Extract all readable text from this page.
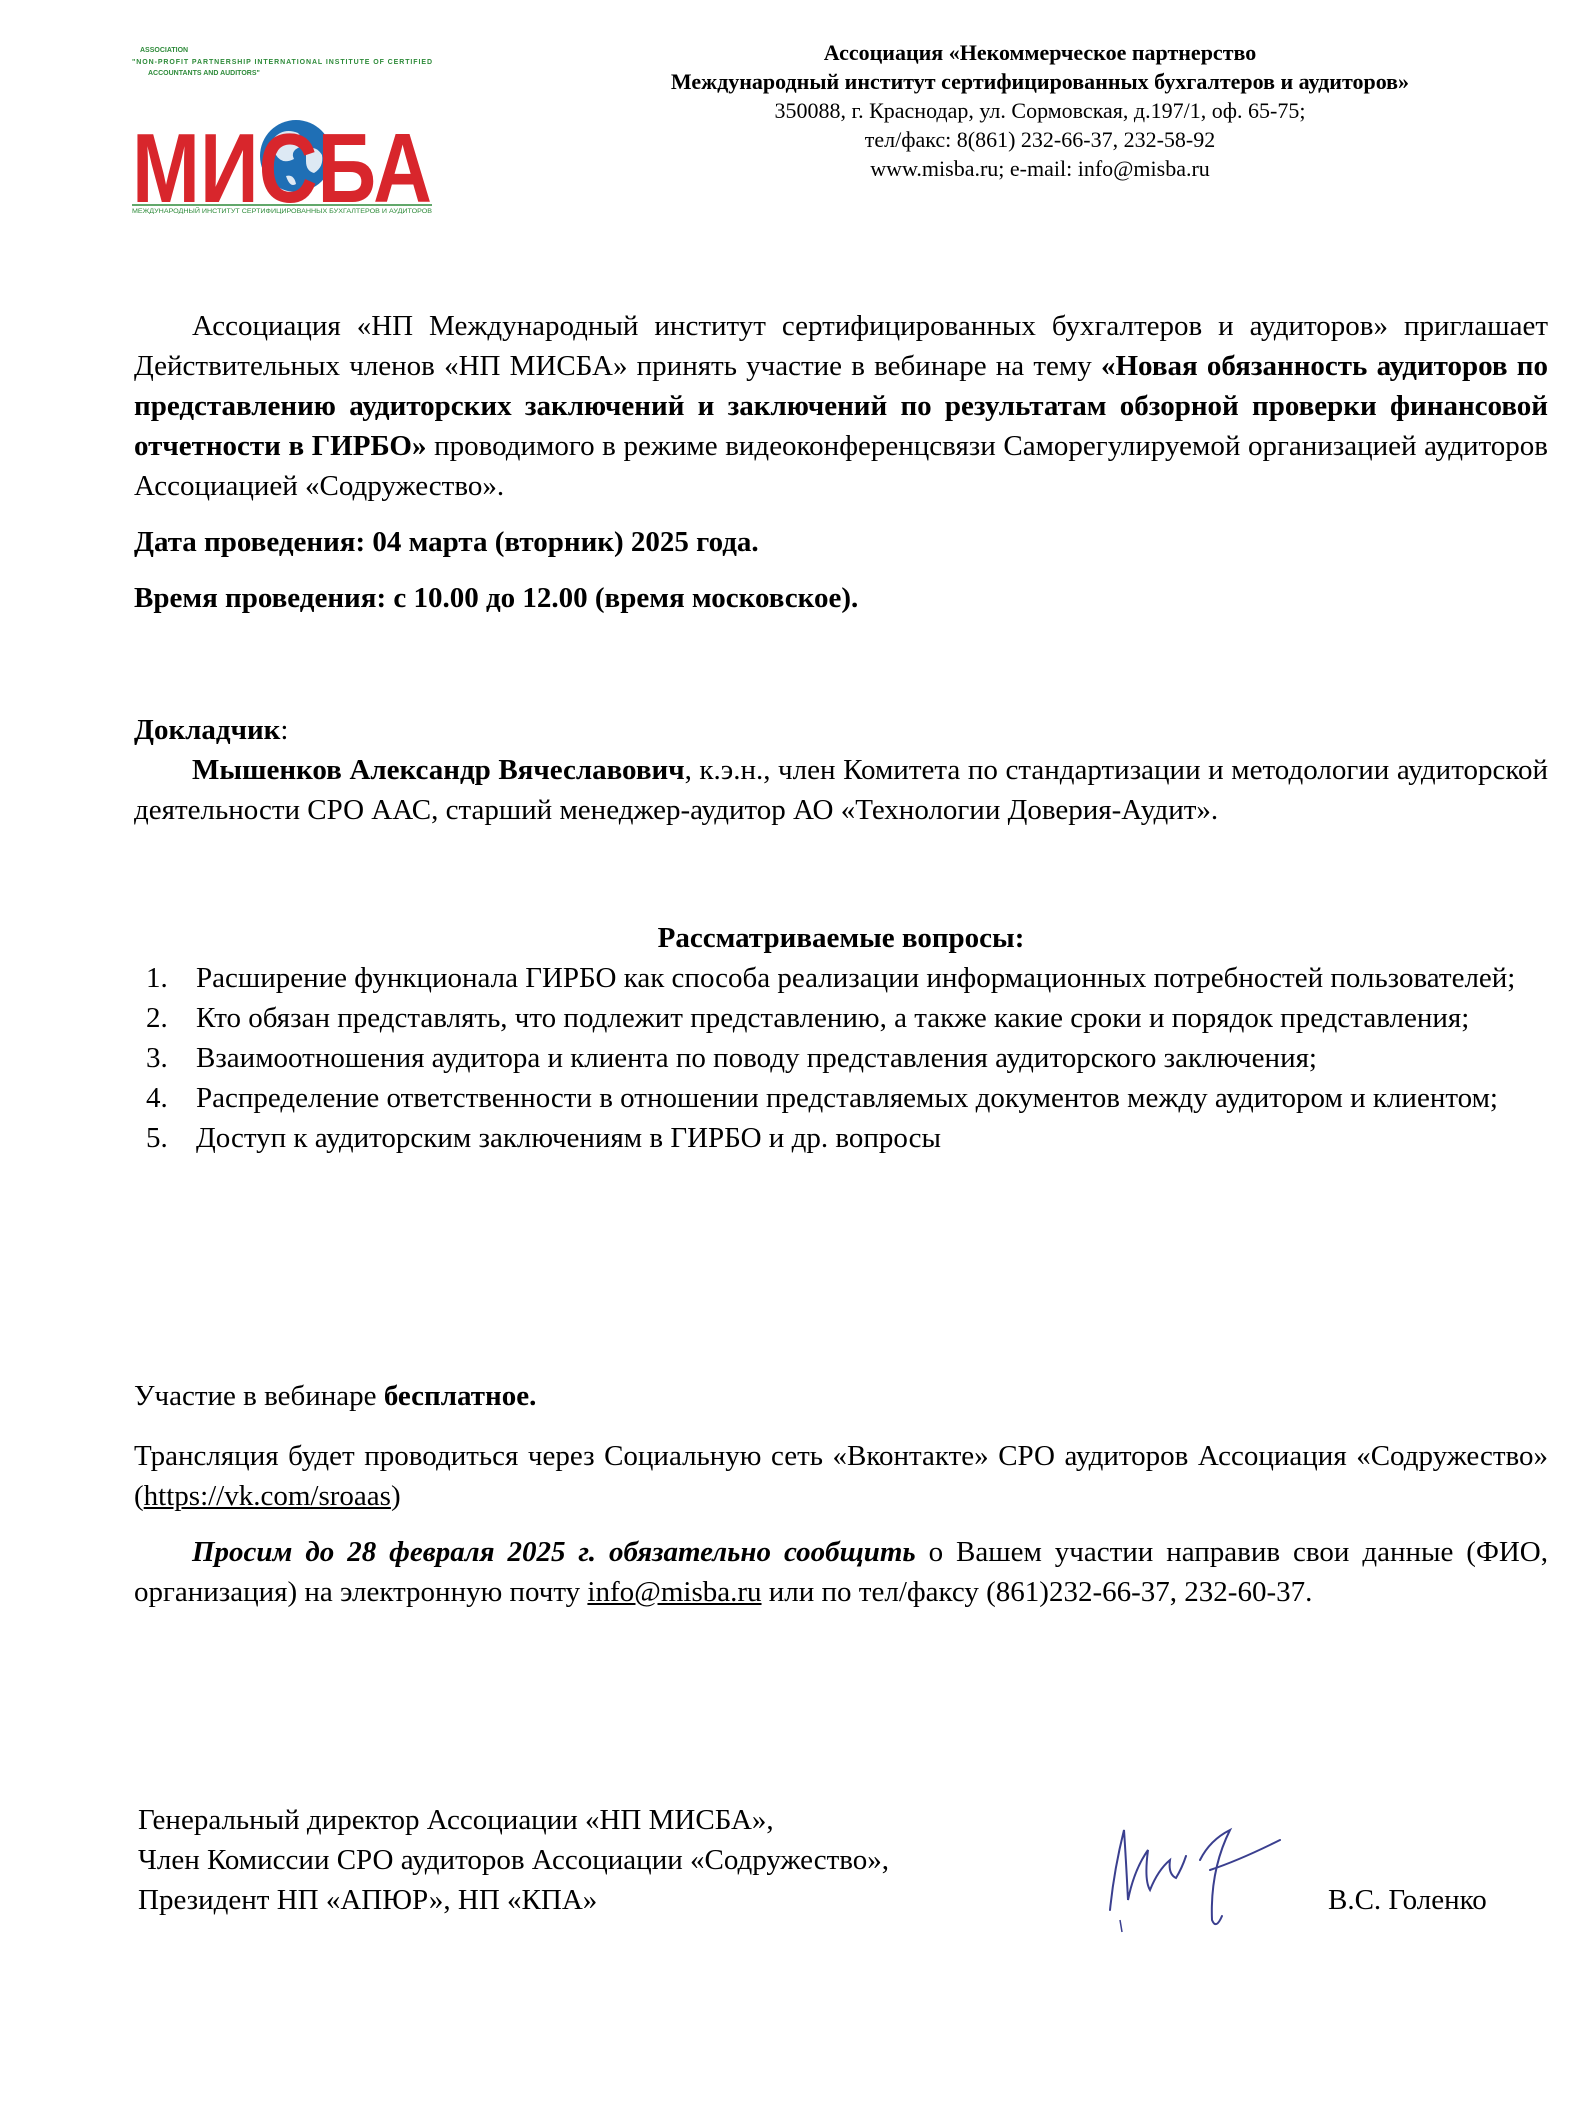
ASSOCIATION
"NON-PROFIT PARTNERSHIP INTERNATIONAL INSTITUTE OF CERTIFIED
ACCOUNTANTS AND AUDITORS"
МИСБА
МЕЖДУНАРОДНЫЙ ИНСТИТУТ СЕРТИФИЦИРОВАННЫХ БУХГАЛТЕРОВ И АУДИТОРОВ
Ассоциация «Некоммерческое партнерство
Международный институт сертифицированных бухгалтеров и аудиторов»
350088, г. Краснодар, ул. Сормовская, д.197/1, оф. 65-75;
тел/факс: 8(861) 232-66-37, 232-58-92
www.misba.ru; e-mail: info@misba.ru

Ассоциация «НП Международный институт сертифицированных бухгалтеров и аудиторов» приглашает Действительных членов «НП МИСБА» принять участие в вебинаре на тему «Новая обязанность аудиторов по представлению аудиторских заключений и заключений по результатам обзорной проверки финансовой отчетности в ГИРБО» проводимого в режиме видеоконференцсвязи Саморегулируемой организацией аудиторов Ассоциацией «Содружество».

Дата проведения: 04 марта (вторник) 2025 года.

Время проведения: с 10.00 до 12.00 (время московское).

Докладчик:

Мышенков Александр Вячеславович, к.э.н., член Комитета по стандартизации и методологии аудиторской деятельности СРО ААС, старший менеджер-аудитор АО «Технологии Доверия-Аудит».

Рассматриваемые вопросы:

1. Расширение функционала ГИРБО как способа реализации информационных потребностей пользователей;
2. Кто обязан представлять, что подлежит представлению, а также какие сроки и порядок представления;
3. Взаимоотношения аудитора и клиента по поводу представления аудиторского заключения;
4. Распределение ответственности в отношении представляемых документов между аудитором и клиентом;
5. Доступ к аудиторским заключениям в ГИРБО и др. вопросы

Участие в вебинаре бесплатное.

Трансляция будет проводиться через Социальную сеть «Вконтакте» СРО аудиторов Ассоциация «Содружество» (https://vk.com/sroaas)

Просим до 28 февраля 2025 г. обязательно сообщить о Вашем участии направив свои данные (ФИО, организация) на электронную почту info@misba.ru или по тел/факсу (861)232-66-37, 232-60-37.

Генеральный директор Ассоциации «НП МИСБА»,
Член Комиссии СРО аудиторов Ассоциации «Содружество»,
Президент НП «АПЮР», НП «КПА»	В.С. Голенко
